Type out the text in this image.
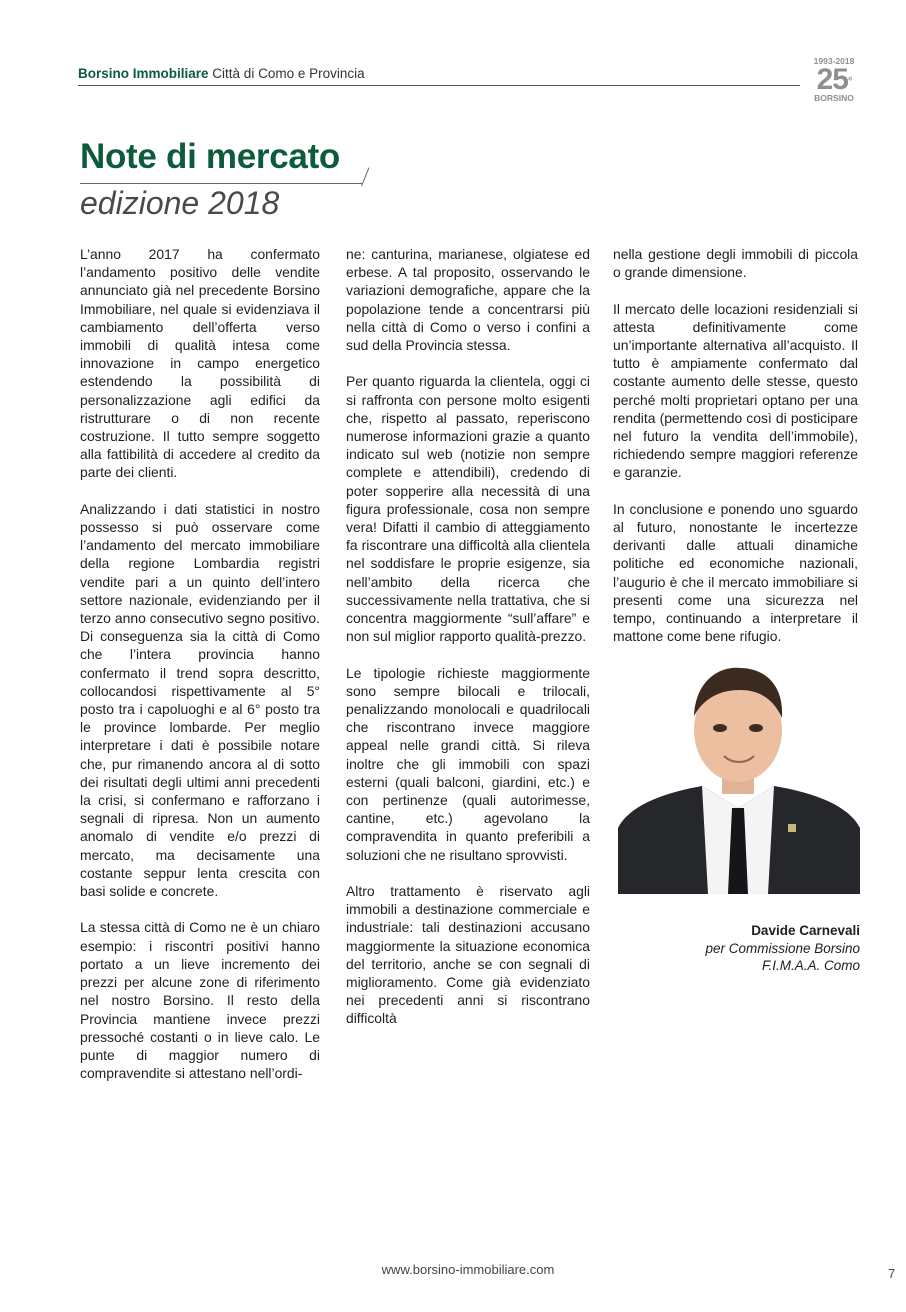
Borsino Immobiliare Città di Como e Provincia
1993-2018
25°
BORSINO
Note di mercato
edizione 2018

L’anno 2017 ha confermato l’andamento positivo delle vendite annunciato già nel precedente Borsino Immobiliare, nel quale si evidenziava il cambiamento dell’offerta verso immobili di qualità intesa come innovazione in campo energetico estendendo la possibilità di personalizzazione agli edifici da ristrutturare o di non recente costruzione. Il tutto sempre soggetto alla fattibilità di accedere al credito da parte dei clienti.

Analizzando i dati statistici in nostro possesso si può osservare come l’andamento del mercato immobiliare della regione Lombardia registri vendite pari a un quinto dell’intero settore nazionale, evidenziando per il terzo anno consecutivo segno positivo. Di conseguenza sia la città di Como che l’intera provincia hanno confermato il trend sopra descritto, collocandosi rispettivamente al 5° posto tra i capoluoghi e al 6° posto tra le province lombarde. Per meglio interpretare i dati è possibile notare che, pur rimanendo ancora al di sotto dei risultati degli ultimi anni precedenti la crisi, si confermano e rafforzano i segnali di ripresa. Non un aumento anomalo di vendite e/o prezzi di mercato, ma decisamente una costante seppur lenta crescita con basi solide e concrete.

La stessa città di Como ne è un chiaro esempio: i riscontri positivi hanno portato a un lieve incremento dei prezzi per alcune zone di riferimento nel nostro Borsino. Il resto della Provincia mantiene invece prezzi pressoché costanti o in lieve calo. Le punte di maggior numero di compravendite si attestano nell’ordi-

ne: canturina, marianese, olgiatese ed erbese. A tal proposito, osservando le variazioni demografiche, appare che la popolazione tende a concentrarsi più nella città di Como o verso i confini a sud della Provincia stessa.

Per quanto riguarda la clientela, oggi ci si raffronta con persone molto esigenti che, rispetto al passato, reperiscono numerose informazioni grazie a quanto indicato sul web (notizie non sempre complete e attendibili), credendo di poter sopperire alla necessità di una figura professionale, cosa non sempre vera! Difatti il cambio di atteggiamento fa riscontrare una difficoltà alla clientela nel soddisfare le proprie esigenze, sia nell’ambito della ricerca che successivamente nella trattativa, che si concentra maggiormente “sull’affare” e non sul miglior rapporto qualità-prezzo.

Le tipologie richieste maggiormente sono sempre bilocali e trilocali, penalizzando monolocali e quadrilocali che riscontrano invece maggiore appeal nelle grandi città. Si rileva inoltre che gli immobili con spazi esterni (quali balconi, giardini, etc.) e con pertinenze (quali autorimesse, cantine, etc.) agevolano la compravendita in quanto preferibili a soluzioni che ne risultano sprovvisti.

Altro trattamento è riservato agli immobili a destinazione commerciale e industriale: tali destinazioni accusano maggiormente la situazione economica del territorio, anche se con segnali di miglioramento. Come già evidenziato nei precedenti anni si riscontrano difficoltà

nella gestione degli immobili di piccola o grande dimensione.

Il mercato delle locazioni residenziali si attesta definitivamente come un’importante alternativa all’acquisto. Il tutto è ampiamente confermato dal costante aumento delle stesse, questo perché molti proprietari optano per una rendita (permettendo così di posticipare nel futuro la vendita dell’immobile), richiedendo sempre maggiori referenze e garanzie.

In conclusione e ponendo uno sguardo al futuro, nonostante le incertezze derivanti dalle attuali dinamiche politiche ed economiche nazionali, l’augurio è che il mercato immobiliare si presenti come una sicurezza nel tempo, continuando a interpretare il mattone come bene rifugio.

Davide Carnevali
per Commissione Borsino
F.I.M.A.A. Como
www.borsino-immobiliare.com	7
